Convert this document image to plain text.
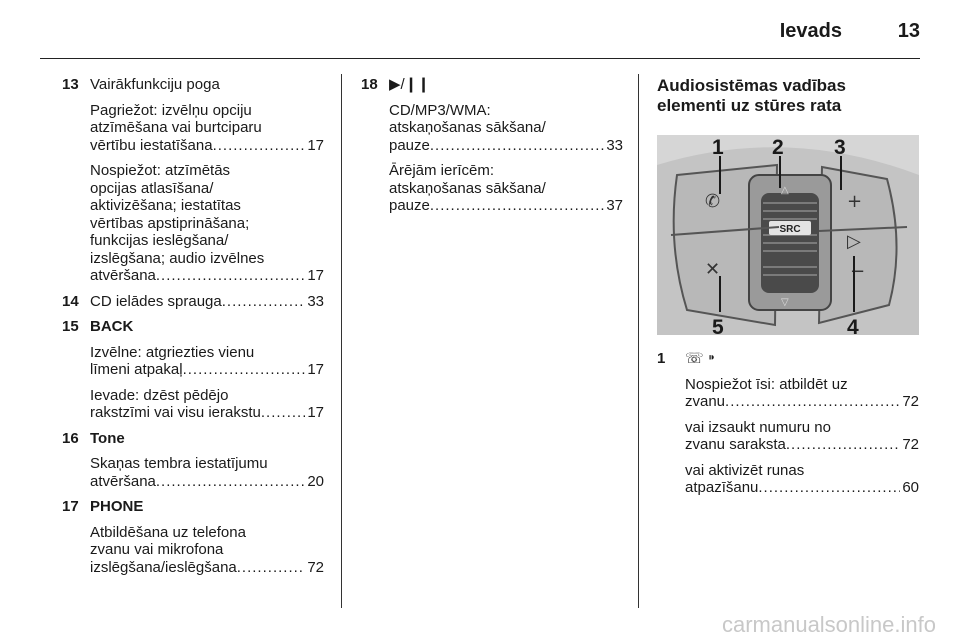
Ievads	13
13 Vairākfunkciju poga
Pagriežot: izvēlņu opciju
atzīmēšana vai burtciparu
vērtību iestatīšana .....	17
Nospiežot: atzīmētās
opcijas atlasīšana/
aktivizēšana; iestatītas
vērtības apstiprināšana;
funkcijas ieslēgšana/
izslēgšana; audio izvēlnes
atvēršana .....	17
14 CD ielādes sprauga .....	33
15 BACK
Izvēlne: atgriezties vienu
līmeni atpakaļ .....	17
Ievade: dzēst pēdējo
rakstzīmi vai visu ierakstu .....	17
16 Tone
Skaņas tembra iestatījumu
atvēršana .....	20
17 PHONE
Atbildēšana uz telefona
zvanu vai mikrofona
izslēgšana/ieslēgšana .....	72
18 ▶/❙❙
CD/MP3/WMA:
atskaņošanas sākšana/
pauze .....	33
Ārējām ierīcēm:
atskaņošanas sākšana/
pauze .....	37
Audiosistēmas vadības
elementi uz stūres rata
SRC
✆
✕
+
▷
−
△
▽
1 2 3
4
5
1 ☏ ⁍
Nospiežot īsi: atbildēt uz
zvanu .....	72
vai izsaukt numuru no
zvanu saraksta .....	72
vai aktivizēt runas
atpazīšanu .....	60
carmanualsonline.info
